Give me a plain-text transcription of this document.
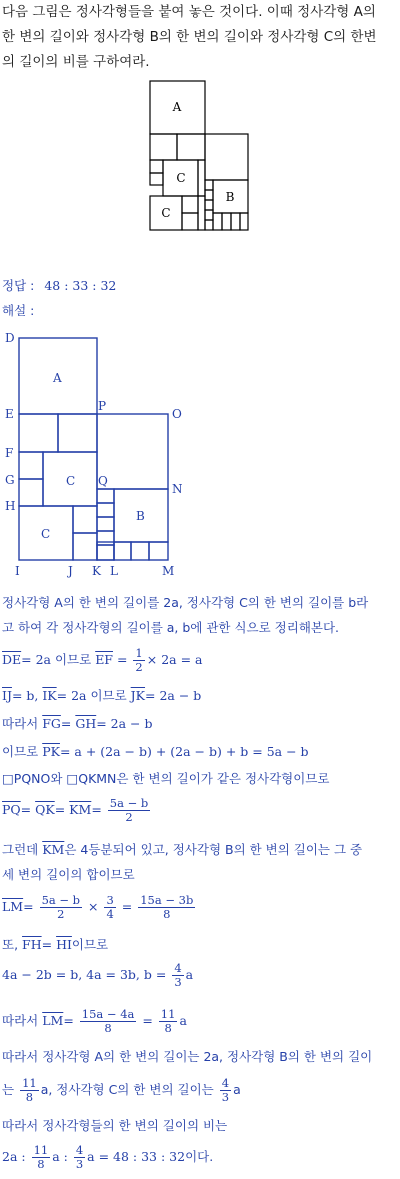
다음 그림은 정사각형들을 붙여 놓은 것이다. 이때 정사각형 A의
한 변의 길이와 정사각형 B의 한 변의 길이와 정사각형 C의 한변
의 길이의 비를 구하여라.
A
C
C
B
정답 : 48 : 33 : 32
해설 :
D
E
F
G
H
I	J K L	M
N
O
P
Q
A
C
C
B
정사각형 A의 한 변의 길이를 2a, 정사각형 C의 한 변의 길이를 b라
고 하여 각 정사각형의 길이를 a, b에 관한 식으로 정리해본다.
$\overline{DE}= 2a$ 이므로 $\overline{EF} = \frac{1}{2} \times 2a = a$
$\overline{IJ}= b$, $\overline{IK}= 2a$ 이므로 $\overline{JK}= 2a - b$
따라서 $\overline{FG}= \overline{GH}= 2a - b$
이므로 $\overline{PK}= a + (2a - b) + (2a - b) + b = 5a - b$
□PQNO와 □QKMN은 한 변의 길이가 같은 정사각형이므로
$\overline{PQ}= \overline{QK}= \overline{KM}= \frac{5a - b}{2}$
그런데 $\overline{KM}$은 4등분되어 있고, 정사각형 B의 한 변의 길이는 그 중
세 변의 길이의 합이므로
$\overline{LM}= \frac{5a - b}{2} \times \frac{3}{4} = \frac{15a - 3b}{8}$
또, $\overline{FH}= \overline{HI}$이므로
4a − 2b = b, 4a = 3b, $b = \frac{4}{3}$ a
따라서 $\overline{LM}= \frac{15a - 4a}{8} = \frac{11}{8}$ a
따라서 정사각형 A의 한 변의 길이는 2a, 정사각형 B의 한 변의 길이
는 $\frac{11}{8} a$, 정사각형 C의 한 변의 길이는 $\frac{4}{3}$ a
따라서 정사각형들의 한 변의 길이의 비는
2a : $\frac{11}{8}$ a : $\frac{4}{3}$ a = 48 : 33 : 32이다.
